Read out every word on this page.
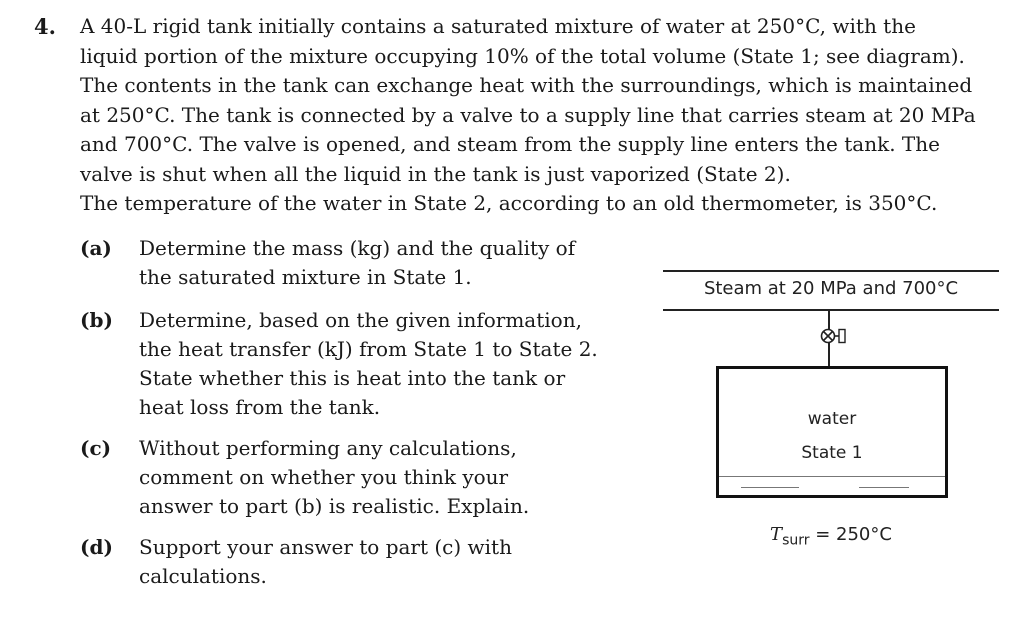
4. A 40-L rigid tank initially contains a saturated mixture of water at 250°C, with the
liquid portion of the mixture occupying 10% of the total volume (State 1; see diagram).
The contents in the tank can exchange heat with the surroundings, which is maintained
at 250°C. The tank is connected by a valve to a supply line that carries steam at 20 MPa
and 700°C. The valve is opened, and steam from the supply line enters the tank. The
valve is shut when all the liquid in the tank is just vaporized (State 2).
The temperature of the water in State 2, according to an old thermometer, is 350°C.
(a) Determine the mass (kg) and the quality of
the saturated mixture in State 1.
(b) Determine, based on the given information,
the heat transfer (kJ) from State 1 to State 2.
State whether this is heat into the tank or
heat loss from the tank.
(c) Without performing any calculations,
comment on whether you think your
answer to part (b) is realistic. Explain.
(d) Support your answer to part (c) with
calculations.
Steam at 20 MPa and 700°C
water
State 1
$T_{surr} = 250^\circ C$
